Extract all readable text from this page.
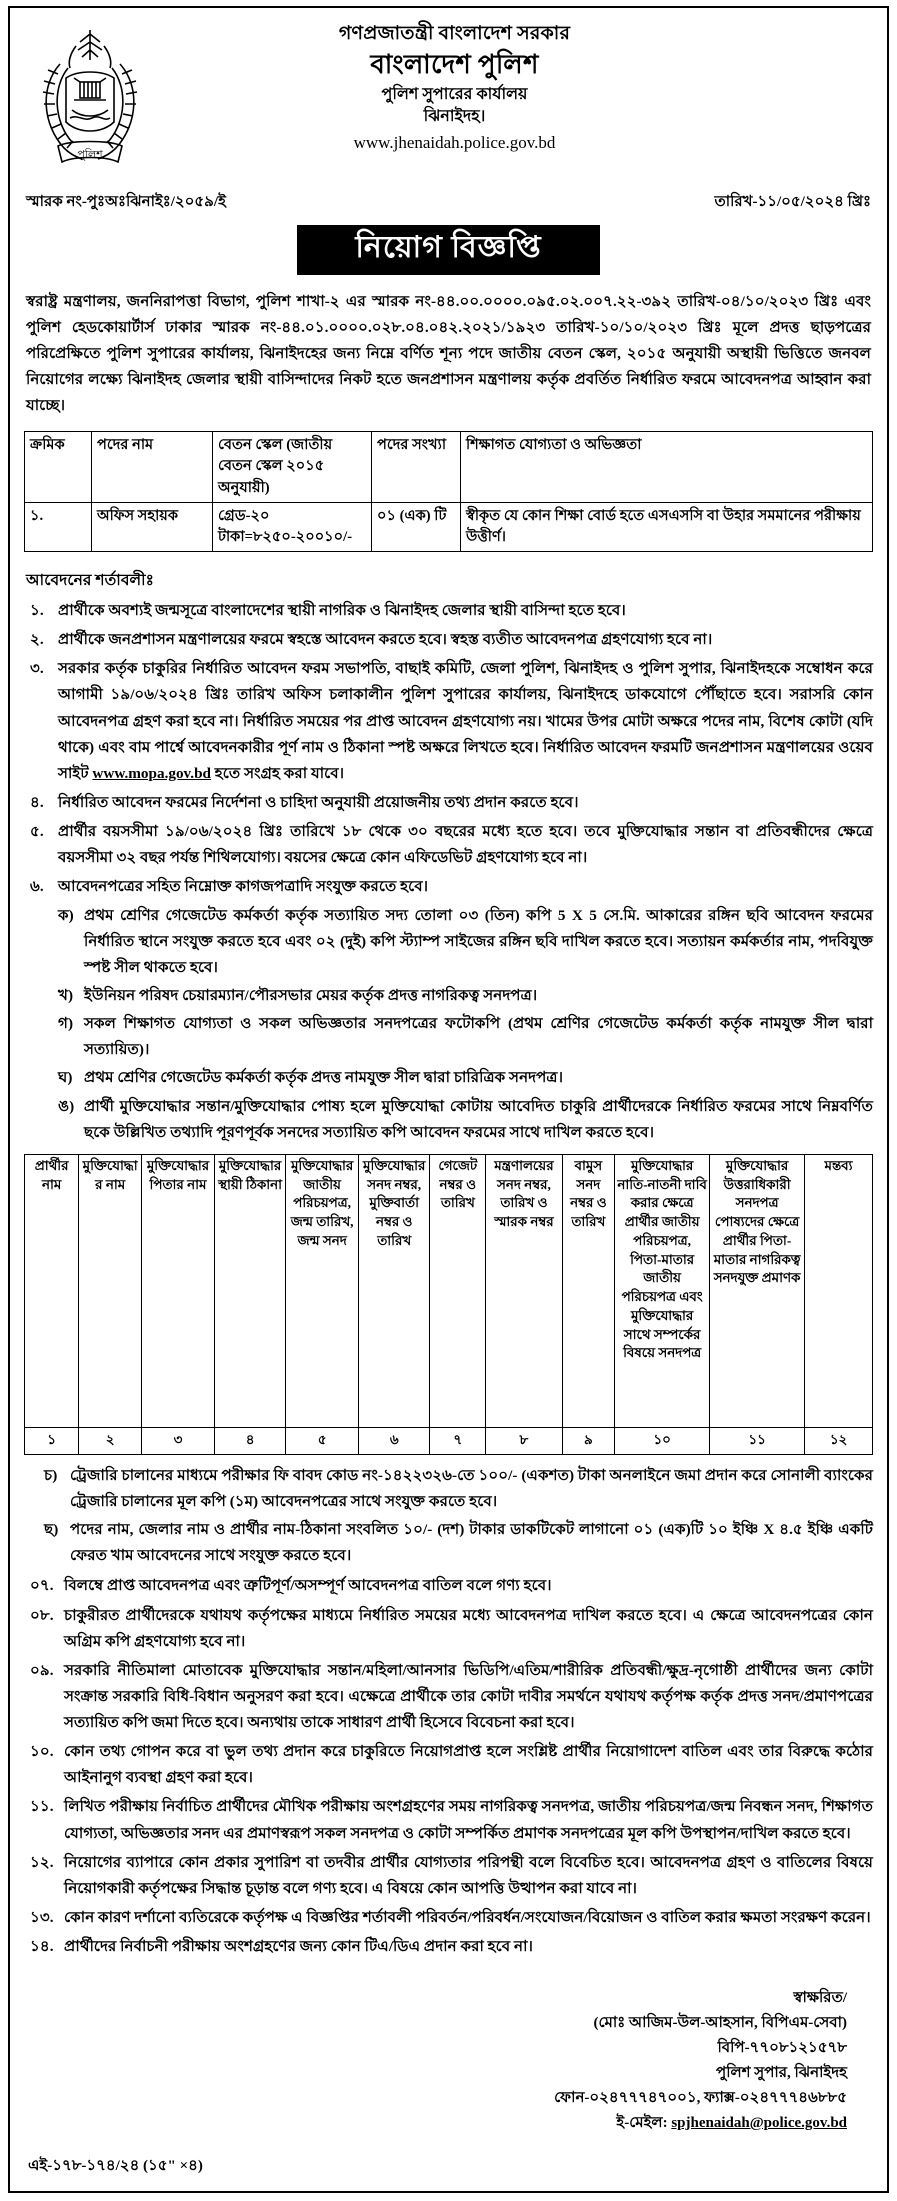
পুলিশ
গণপ্রজাতন্ত্রী বাংলাদেশ সরকার
বাংলাদেশ পুলিশ
পুলিশ সুপারের কার্যালয়
ঝিনাইদহ।
www.jhenaidah.police.gov.bd
স্মারক নং-পুঃঅঃঝিনাইঃ/২০৫৯/ই	তারিখ-১১/০৫/২০২৪ খ্রিঃ
নিয়োগ বিজ্ঞপ্তি
স্বরাষ্ট্র মন্ত্রণালয়, জননিরাপত্তা বিভাগ, পুলিশ শাখা-২ এর স্মারক নং-৪৪.০০.০০০০.০৯৫.০২.০০৭.২২-৩৯২ তারিখ-০৪/১০/২০২৩ খ্রিঃ এবং পুলিশ হেডকোয়ার্টার্স ঢাকার স্মারক নং-৪৪.০১.০০০০.০২৮.০৪.০৪২.২০২১/১৯২৩ তারিখ-১০/১০/২০২৩ খ্রিঃ মূলে প্রদত্ত ছাড়পত্রের পরিপ্রেক্ষিতে পুলিশ সুপারের কার্যালয়, ঝিনাইদহের জন্য নিম্নে বর্ণিত শূন্য পদে জাতীয় বেতন স্কেল, ২০১৫ অনুযায়ী অস্থায়ী ভিত্তিতে জনবল নিয়োগের লক্ষ্যে ঝিনাইদহ জেলার স্থায়ী বাসিন্দাদের নিকট হতে জনপ্রশাসন মন্ত্রণালয় কর্তৃক প্রবর্তিত নির্ধারিত ফরমে আবেদনপত্র আহ্বান করা যাচ্ছে।
ক্রমিক	পদের নাম	বেতন স্কেল (জাতীয় বেতন স্কেল ২০১৫ অনুযায়ী)	পদের সংখ্যা	শিক্ষাগত যোগ্যতা ও অভিজ্ঞতা
১.	অফিস সহায়ক	গ্রেড-২০ টাকা=৮২৫০-২০০১০/-	০১ (এক) টি	স্বীকৃত যে কোন শিক্ষা বোর্ড হতে এসএসসি বা উহার সমমানের পরীক্ষায় উত্তীর্ণ।
আবেদনের শর্তাবলীঃ
১. প্রার্থীকে অবশ্যই জন্মসূত্রে বাংলাদেশের স্থায়ী নাগরিক ও ঝিনাইদহ জেলার স্থায়ী বাসিন্দা হতে হবে।
২. প্রার্থীকে জনপ্রশাসন মন্ত্রণালয়ের ফরমে স্বহস্তে আবেদন করতে হবে। স্বহস্ত ব্যতীত আবেদনপত্র গ্রহণযোগ্য হবে না।
৩. সরকার কর্তৃক চাকুরির নির্ধারিত আবেদন ফরম সভাপতি, বাছাই কমিটি, জেলা পুলিশ, ঝিনাইদহ ও পুলিশ সুপার, ঝিনাইদহকে সম্বোধন করে আগামী ১৯/০৬/২০২৪ খ্রিঃ তারিখ অফিস চলাকালীন পুলিশ সুপারের কার্যালয়, ঝিনাইদহে ডাকযোগে পৌঁছাতে হবে। সরাসরি কোন আবেদনপত্র গ্রহণ করা হবে না। নির্ধারিত সময়ের পর প্রাপ্ত আবেদন গ্রহণযোগ্য নয়। খামের উপর মোটা অক্ষরে পদের নাম, বিশেষ কোটা (যদি থাকে) এবং বাম পার্শ্বে আবেদনকারীর পূর্ণ নাম ও ঠিকানা স্পষ্ট অক্ষরে লিখতে হবে। নির্ধারিত আবেদন ফরমটি জনপ্রশাসন মন্ত্রণালয়ের ওয়েব সাইট www.mopa.gov.bd হতে সংগ্রহ করা যাবে।
৪. নির্ধারিত আবেদন ফরমের নির্দেশনা ও চাহিদা অনুযায়ী প্রয়োজনীয় তথ্য প্রদান করতে হবে।
৫. প্রার্থীর বয়সসীমা ১৯/০৬/২০২৪ খ্রিঃ তারিখে ১৮ থেকে ৩০ বছরের মধ্যে হতে হবে। তবে মুক্তিযোদ্ধার সন্তান বা প্রতিবন্ধীদের ক্ষেত্রে বয়সসীমা ৩২ বছর পর্যন্ত শিথিলযোগ্য। বয়সের ক্ষেত্রে কোন এফিডেভিট গ্রহণযোগ্য হবে না।
৬. আবেদনপত্রের সহিত নিম্নোক্ত কাগজপত্রাদি সংযুক্ত করতে হবে।
ক) প্রথম শ্রেণির গেজেটেড কর্মকর্তা কর্তৃক সত্যায়িত সদ্য তোলা ০৩ (তিন) কপি 5 X 5 সে.মি. আকারের রঙ্গিন ছবি আবেদন ফরমের নির্ধারিত স্থানে সংযুক্ত করতে হবে এবং ০২ (দুই) কপি স্ট্যাম্প সাইজের রঙ্গিন ছবি দাখিল করতে হবে। সত্যায়ন কর্মকর্তার নাম, পদবিযুক্ত স্পষ্ট সীল থাকতে হবে।
খ) ইউনিয়ন পরিষদ চেয়ারম্যান/পৌরসভার মেয়র কর্তৃক প্রদত্ত নাগরিকত্ব সনদপত্র।
গ) সকল শিক্ষাগত যোগ্যতা ও সকল অভিজ্ঞতার সনদপত্রের ফটোকপি (প্রথম শ্রেণির গেজেটেড কর্মকর্তা কর্তৃক নামযুক্ত সীল দ্বারা সত্যায়িত)।
ঘ) প্রথম শ্রেণির গেজেটেড কর্মকর্তা কর্তৃক প্রদত্ত নামযুক্ত সীল দ্বারা চারিত্রিক সনদপত্র।
ঙ) প্রার্থী মুক্তিযোদ্ধার সন্তান/মুক্তিযোদ্ধার পোষ্য হলে মুক্তিযোদ্ধা কোটায় আবেদিত চাকুরি প্রার্থীদেরকে নির্ধারিত ফরমের সাথে নিম্নবর্ণিত ছকে উল্লিখিত তথ্যাদি পূরণপূর্বক সনদের সত্যায়িত কপি আবেদন ফরমের সাথে দাখিল করতে হবে।
প্রার্থীর নাম	মুক্তিযোদ্ধার নাম	মুক্তিযোদ্ধার পিতার নাম	মুক্তিযোদ্ধার স্থায়ী ঠিকানা	মুক্তিযোদ্ধার জাতীয় পরিচয়পত্র, জন্ম তারিখ, জন্ম সনদ	মুক্তিযোদ্ধার সনদ নম্বর, মুক্তিবার্তা নম্বর ও তারিখ	গেজেট নম্বর ও তারিখ	মন্ত্রণালয়ের সনদ নম্বর, তারিখ ও স্মারক নম্বর	বামুস সনদ নম্বর ও তারিখ	মুক্তিযোদ্ধার নাতি-নাতনী দাবি করার ক্ষেত্রে প্রার্থীর জাতীয় পরিচয়পত্র, পিতা-মাতার জাতীয় পরিচয়পত্র এবং মুক্তিযোদ্ধার সাথে সম্পর্কের বিষয়ে সনদপত্র	মুক্তিযোদ্ধার উত্তরাধিকারী সনদপত্র পোষ্যদের ক্ষেত্রে প্রার্থীর পিতা-মাতার নাগরিকত্ব সনদযুক্ত প্রমাণক	মন্তব্য
১	২	৩	৪	৫	৬	৭	৮	৯	১০	১১	১২
চ) ট্রেজারি চালানের মাধ্যমে পরীক্ষার ফি বাবদ কোড নং-১৪২২৩২৬-তে ১০০/- (একশত) টাকা অনলাইনে জমা প্রদান করে সোনালী ব্যাংকের ট্রেজারি চালানের মূল কপি (১ম) আবেদনপত্রের সাথে সংযুক্ত করতে হবে।
ছ) পদের নাম, জেলার নাম ও প্রার্থীর নাম-ঠিকানা সংবলিত ১০/- (দশ) টাকার ডাকটিকেট লাগানো ০১ (এক)টি ১০ ইঞ্চি X ৪.৫ ইঞ্চি একটি ফেরত খাম আবেদনের সাথে সংযুক্ত করতে হবে।
০৭. বিলম্বে প্রাপ্ত আবেদনপত্র এবং ত্রুটিপূর্ণ/অসম্পূর্ণ আবেদনপত্র বাতিল বলে গণ্য হবে।
০৮. চাকুরীরত প্রার্থীদেরকে যথাযথ কর্তৃপক্ষের মাধ্যমে নির্ধারিত সময়ের মধ্যে আবেদনপত্র দাখিল করতে হবে। এ ক্ষেত্রে আবেদনপত্রের কোন অগ্রিম কপি গ্রহণযোগ্য হবে না।
০৯. সরকারি নীতিমালা মোতাবেক মুক্তিযোদ্ধার সন্তান/মহিলা/আনসার ভিডিপি/এতিম/শারীরিক প্রতিবন্ধী/ক্ষুদ্র-নৃগোষ্ঠী প্রার্থীদের জন্য কোটা সংক্রান্ত সরকারি বিধি-বিধান অনুসরণ করা হবে। এক্ষেত্রে প্রার্থীকে তার কোটা দাবীর সমর্থনে যথাযথ কর্তৃপক্ষ কর্তৃক প্রদত্ত সনদ/প্রমাণপত্রের সত্যায়িত কপি জমা দিতে হবে। অন্যথায় তাকে সাধারণ প্রার্থী হিসেবে বিবেচনা করা হবে।
১০. কোন তথ্য গোপন করে বা ভুল তথ্য প্রদান করে চাকুরিতে নিয়োগপ্রাপ্ত হলে সংশ্লিষ্ট প্রার্থীর নিয়োগাদেশ বাতিল এবং তার বিরুদ্ধে কঠোর আইনানুগ ব্যবস্থা গ্রহণ করা হবে।
১১. লিখিত পরীক্ষায় নির্বাচিত প্রার্থীদের মৌখিক পরীক্ষায় অংশগ্রহণের সময় নাগরিকত্ব সনদপত্র, জাতীয় পরিচয়পত্র/জন্ম নিবন্ধন সনদ, শিক্ষাগত যোগ্যতা, অভিজ্ঞতার সনদ এর প্রমাণস্বরূপ সকল সনদপত্র ও কোটা সম্পর্কিত প্রমাণক সনদপত্রের মূল কপি উপস্থাপন/দাখিল করতে হবে।
১২. নিয়োগের ব্যাপারে কোন প্রকার সুপারিশ বা তদবীর প্রার্থীর যোগ্যতার পরিপন্থী বলে বিবেচিত হবে। আবেদনপত্র গ্রহণ ও বাতিলের বিষয়ে নিয়োগকারী কর্তৃপক্ষের সিদ্ধান্ত চূড়ান্ত বলে গণ্য হবে। এ বিষয়ে কোন আপত্তি উত্থাপন করা যাবে না।
১৩. কোন কারণ দর্শানো ব্যতিরেকে কর্তৃপক্ষ এ বিজ্ঞপ্তির শর্তাবলী পরিবর্তন/পরিবর্ধন/সংযোজন/বিয়োজন ও বাতিল করার ক্ষমতা সংরক্ষণ করেন।
১৪. প্রার্থীদের নির্বাচনী পরীক্ষায় অংশগ্রহণের জন্য কোন টিএ/ডিএ প্রদান করা হবে না।
স্বাক্ষরিত/
(মোঃ আজিম-উল-আহসান, বিপিএম-সেবা)
বিপি-৭৭০৮১২১৫৭৮
পুলিশ সুপার, ঝিনাইদহ
ফোন-০২৪৭৭৭৪৭০০১, ফ্যাক্স-০২৪৭৭৭৪৬৮৮৫
ই-মেইল: spjhenaidah@police.gov.bd
এই-১৭৮-১৭৪/২৪ (১৫" ×৪)
